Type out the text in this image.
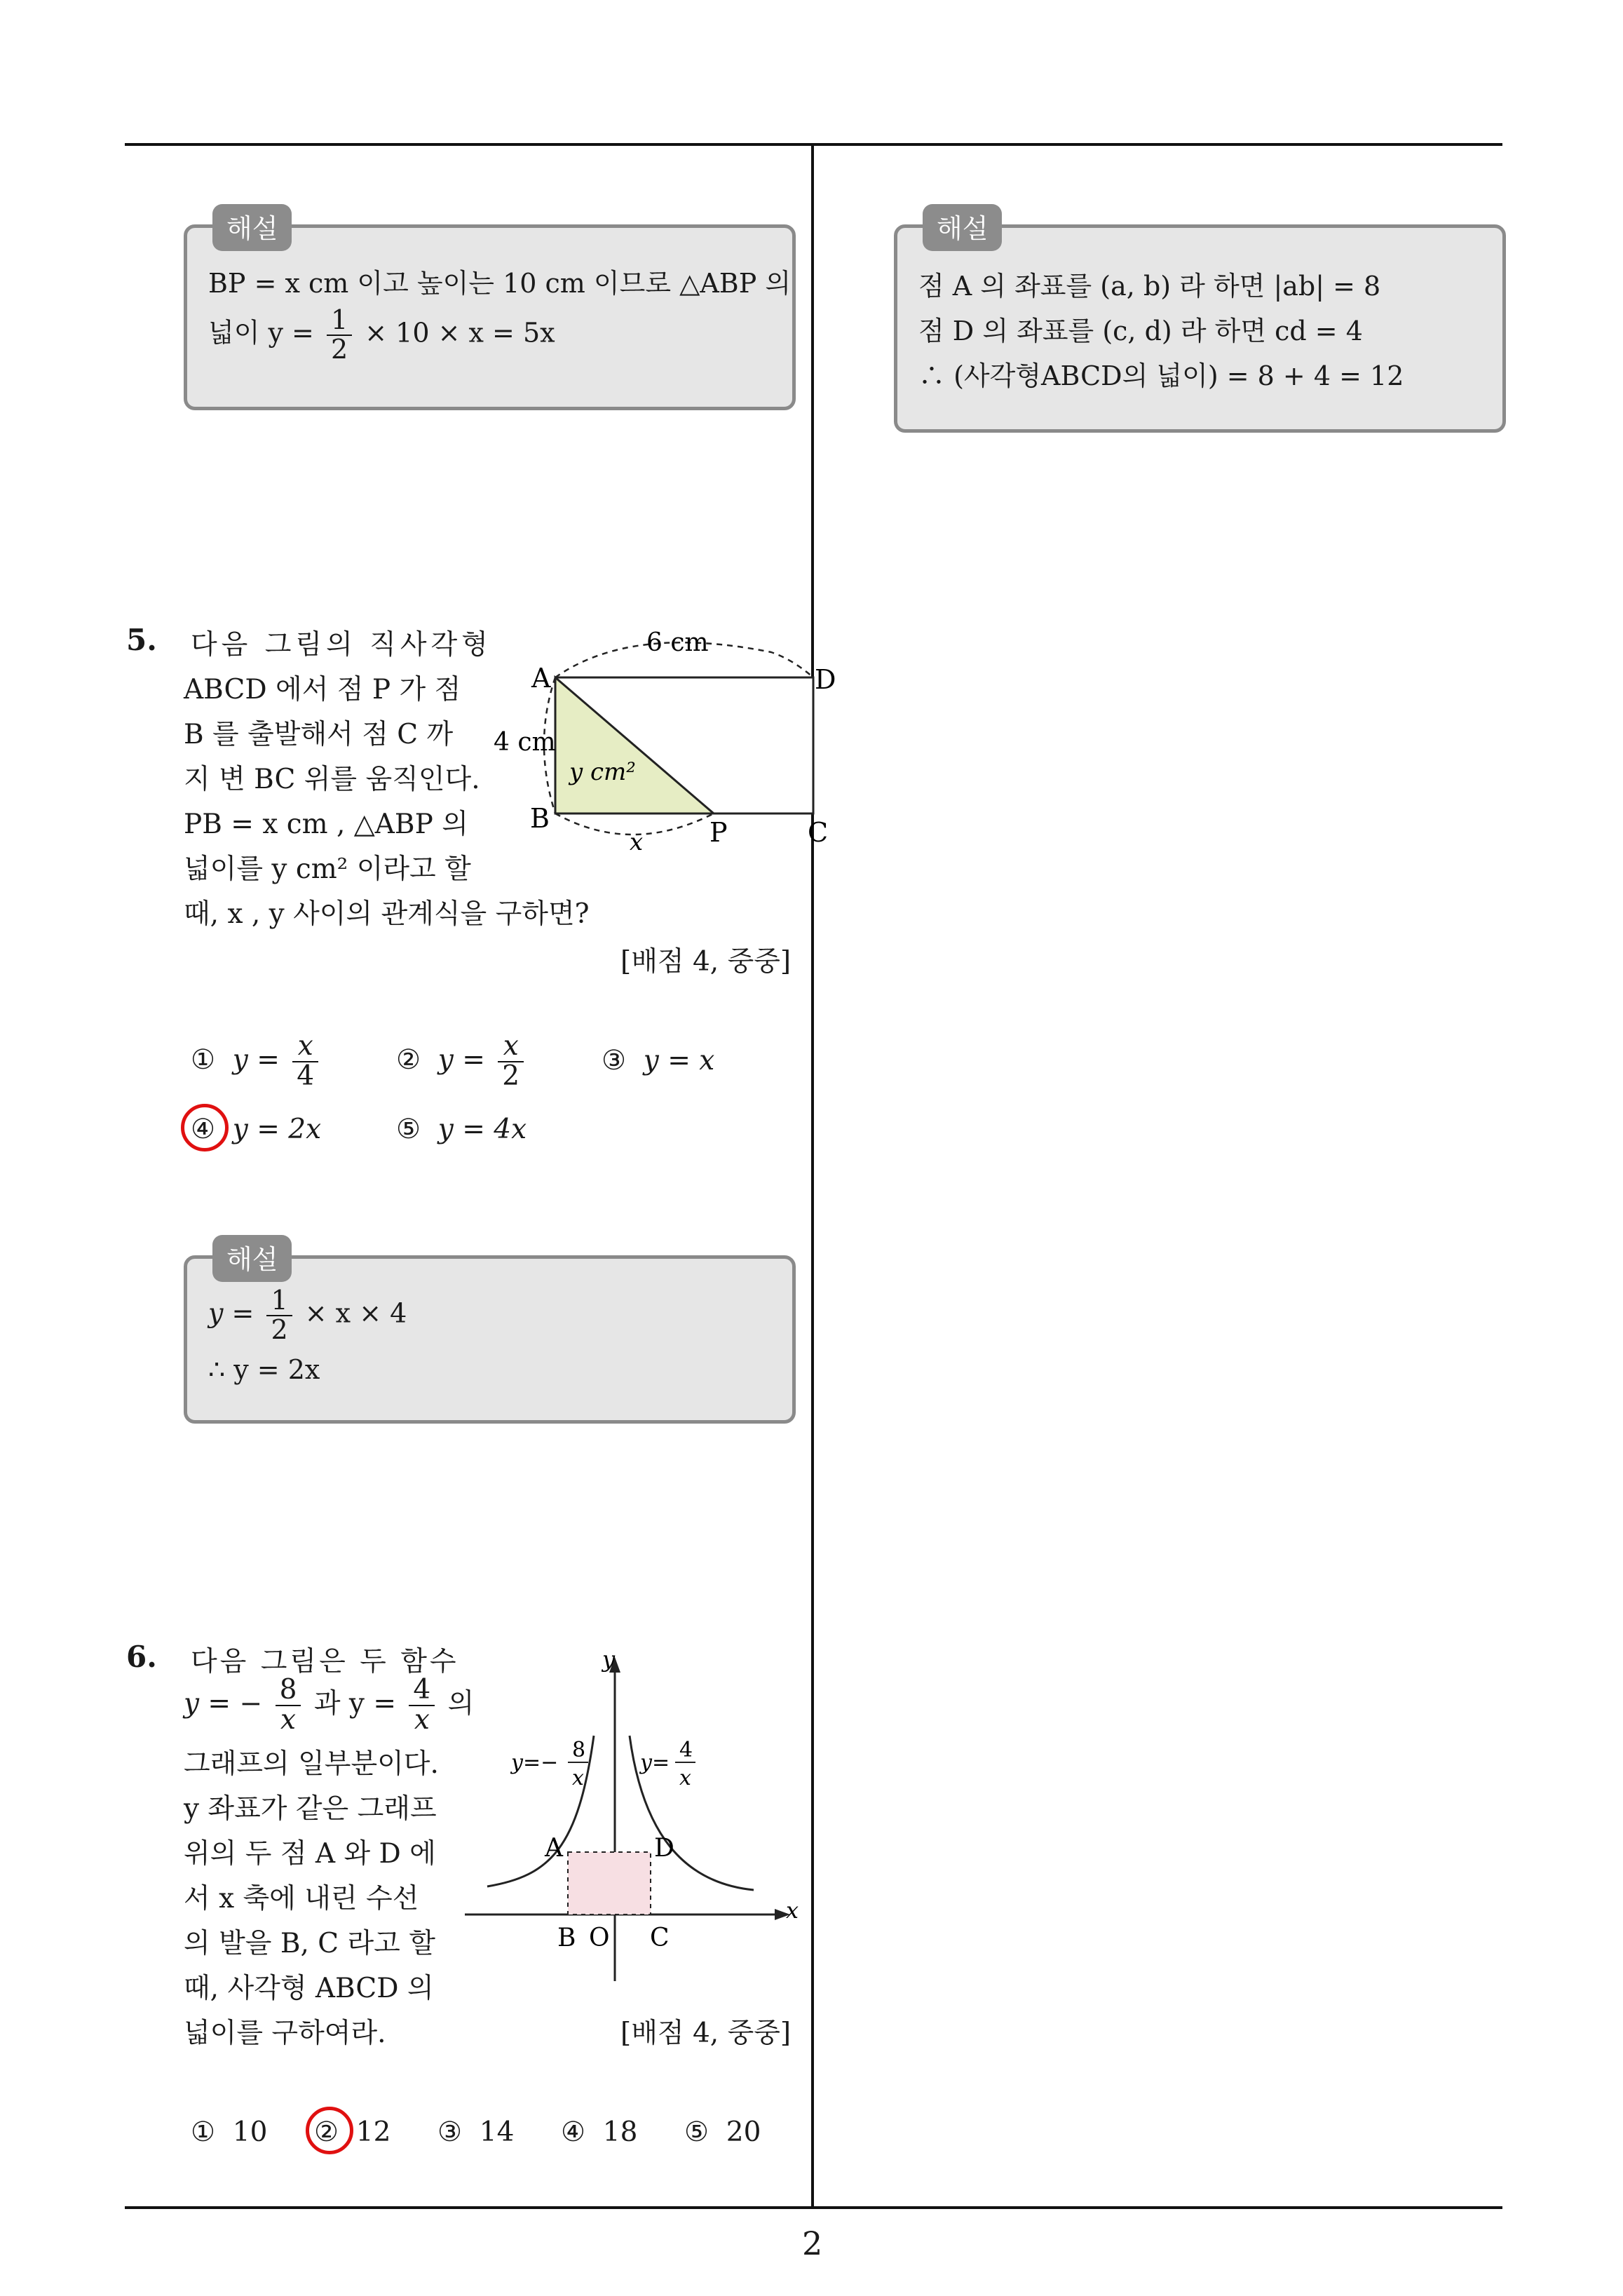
해설
BP = x cm 이고 높이는 10 cm 이므로 △ABP 의
넓이 $y = \frac{1}{2} \times 10 \times x = 5x$
해설
점 A 의 좌표를 (a, b) 라 하면 |ab| = 8
점 D 의 좌표를 (c, d) 라 하면 cd = 4
∴ (사각형ABCD의 넓이) = 8 + 4 = 12
5. 다음 그림의 직사각형
ABCD 에서 점 P 가 점
B 를 출발해서 점 C 까
지 변 BC 위를 움직인다.
PB = x cm , △ABP 의
넓이를 y cm² 이라고 할
때, x , y 사이의 관계식을 구하면?
[배점 4, 중중]
6 cm
4 cm
y cm²
x
A
B	C
D
P
① $y = \frac{x}{4}$	② $y = \frac{x}{2}$	③ y = x
④ y = 2x	⑤ y = 4x
해설
$y = \frac{1}{2} \times x \times 4$
∴ y = 2x
6. 다음 그림은 두 함수
y = − $\frac{8}{x}$ 과 $y = \frac{4}{x}$ 의
그래프의 일부분이다.
y 좌표가 같은 그래프
위의 두 점 A 와 D 에
서 x 축에 내린 수선
의 발을 B, C 라고 할
때, 사각형 ABCD 의
넓이를 구하여라.	[배점 4, 중중]
y
x
O
B	C
A	D
y=−
8
x
y=
4
x
① 10 ② 12 ③ 14 ④ 18 ⑤ 20
2
